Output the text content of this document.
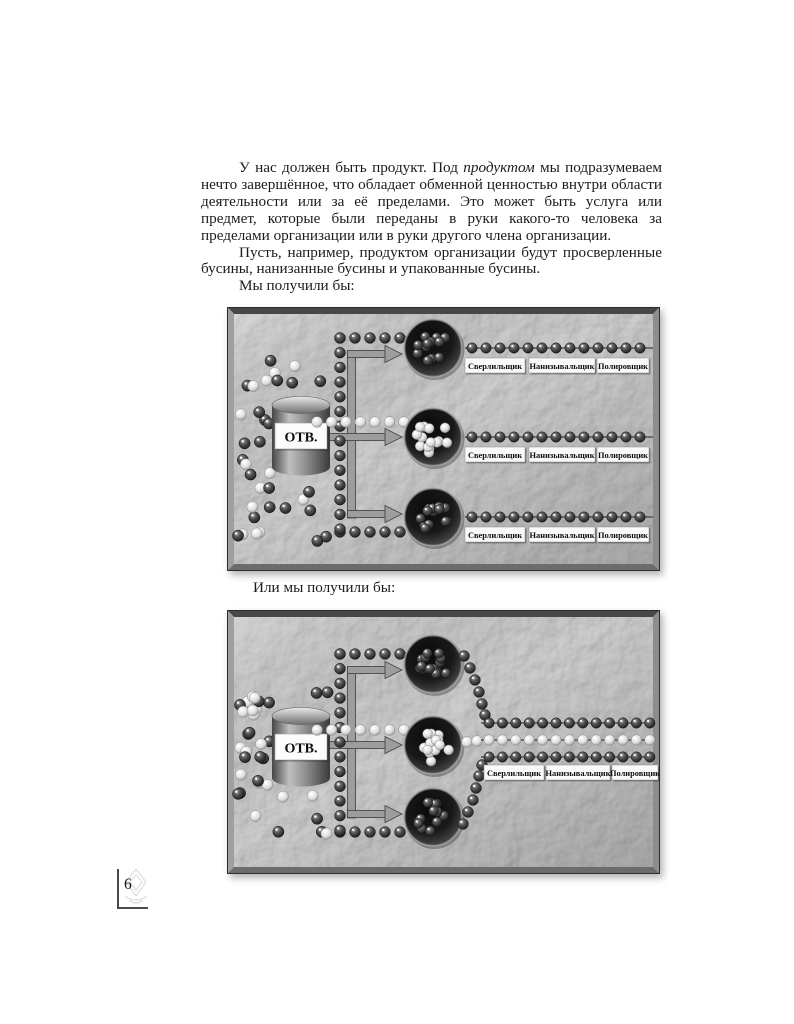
У нас должен быть продукт. Под продуктом мы подразумеваем нечто завершённое, что обладает обменной ценностью внутри области деятельности или за её пределами. Это может быть услуга или предмет, которые были переданы в руки какого-то человека за пределами организации или в руки другого члена организации.

Пусть, например, продуктом организации будут просверленные бусины, нанизанные бусины и упакованные бусины.

Мы получили бы:

ОТВ.
Сверлильщик Нанизывальщик Полировщик
Сверлильщик Нанизывальщик Полировщик
Сверлильщик Нанизывальщик Полировщик

Или мы получили бы:

ОТВ.
Сверлильщик Нанизывальщик Полировщик
6
